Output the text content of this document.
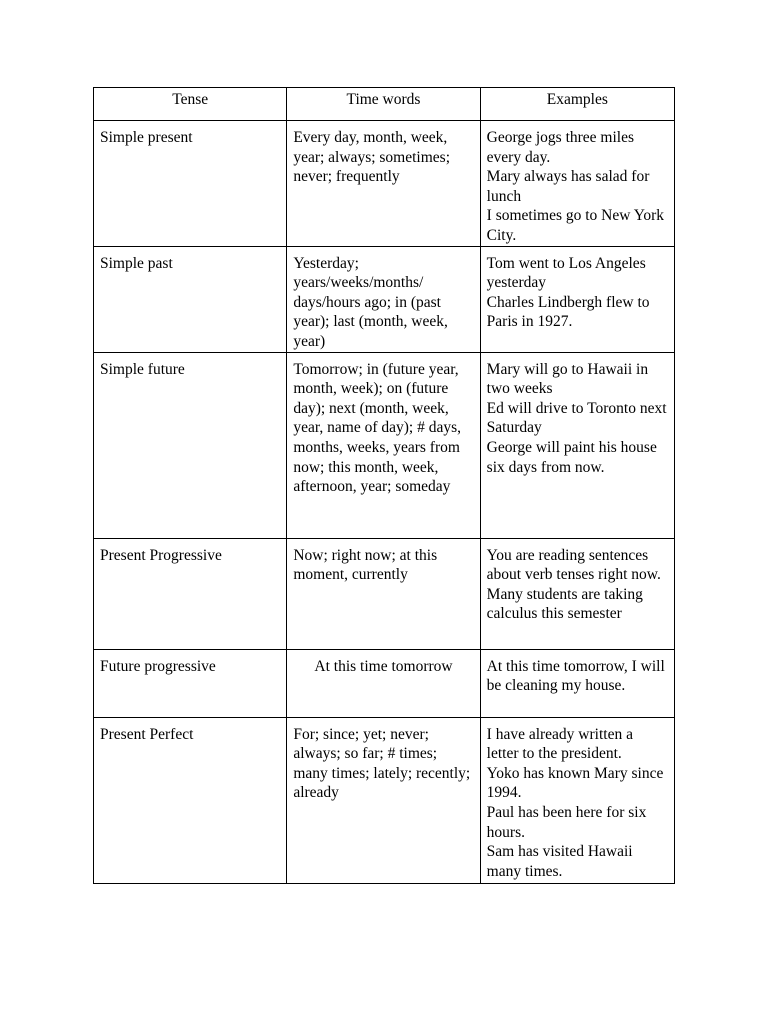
Tense	Time words	Examples
Simple present	Every day, month, week, year; always; sometimes; never; frequently	George jogs three miles every day.
Mary always has salad for lunch
I sometimes go to New York City.

Simple past	Yesterday; years/weeks/months/ days/hours ago; in (past year); last (month, week, year)	Tom went to Los Angeles yesterday
Charles Lindbergh flew to Paris in 1927.

Simple future	Tomorrow; in (future year, month, week); on (future day); next (month, week, year, name of day); # days, months, weeks, years from now; this month, week, afternoon, year; someday	Mary will go to Hawaii in two weeks
Ed will drive to Toronto next Saturday
George will paint his house six days from now.

Present Progressive	Now; right now; at this moment, currently	You are reading sentences about verb tenses right now.
Many students are taking calculus this semester

Future progressive	At this time tomorrow	At this time tomorrow, I will be cleaning my house.

Present Perfect	For; since; yet; never; always; so far; # times; many times; lately; recently; already	I have already written a letter to the president.
Yoko has known Mary since 1994.
Paul has been here for six hours.
Sam has visited Hawaii many times.
